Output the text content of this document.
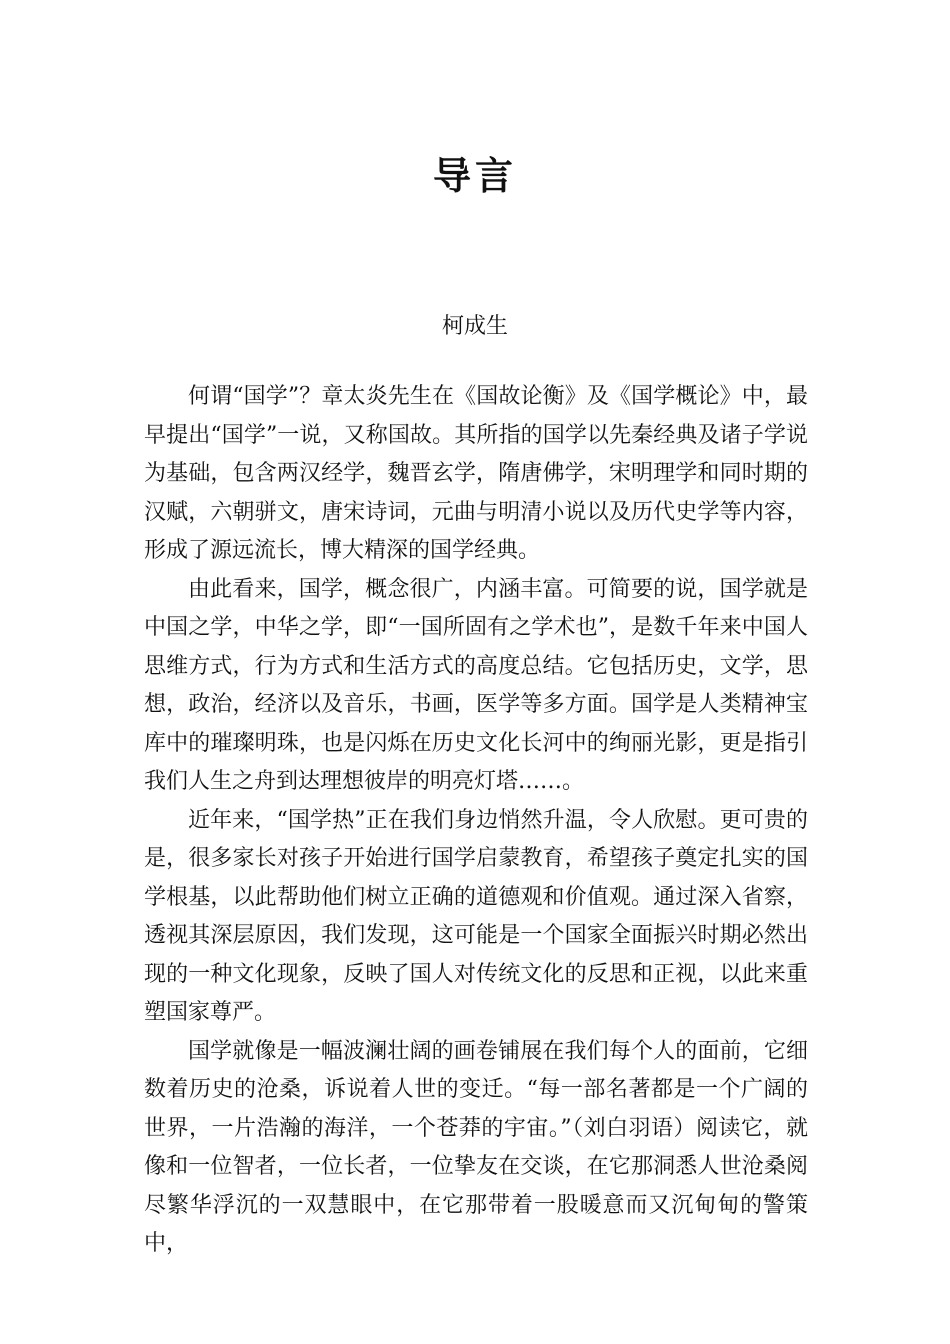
导言

柯成生

何谓“国学”？章太炎先生在《国故论衡》及《国学概论》中，最早提出“国学”一说，又称国故。其所指的国学以先秦经典及诸子学说为基础，包含两汉经学，魏晋玄学，隋唐佛学，宋明理学和同时期的汉赋，六朝骈文，唐宋诗词，元曲与明清小说以及历代史学等内容，形成了源远流长，博大精深的国学经典。

由此看来，国学，概念很广，内涵丰富。可简要的说，国学就是中国之学，中华之学，即“一国所固有之学术也”，是数千年来中国人思维方式，行为方式和生活方式的高度总结。它包括历史，文学，思想，政治，经济以及音乐，书画，医学等多方面。国学是人类精神宝库中的璀璨明珠，也是闪烁在历史文化长河中的绚丽光影，更是指引我们人生之舟到达理想彼岸的明亮灯塔……。

近年来，“国学热”正在我们身边悄然升温，令人欣慰。更可贵的是，很多家长对孩子开始进行国学启蒙教育，希望孩子奠定扎实的国学根基，以此帮助他们树立正确的道德观和价值观。通过深入省察，透视其深层原因，我们发现，这可能是一个国家全面振兴时期必然出现的一种文化现象，反映了国人对传统文化的反思和正视，以此来重塑国家尊严。

国学就像是一幅波澜壮阔的画卷铺展在我们每个人的面前，它细数着历史的沧桑，诉说着人世的变迁。“每一部名著都是一个广阔的世界，一片浩瀚的海洋，一个苍莽的宇宙。”（刘白羽语）阅读它，就像和一位智者，一位长者，一位挚友在交谈，在它那洞悉人世沧桑阅尽繁华浮沉的一双慧眼中，在它那带着一股暖意而又沉甸甸的警策中，
